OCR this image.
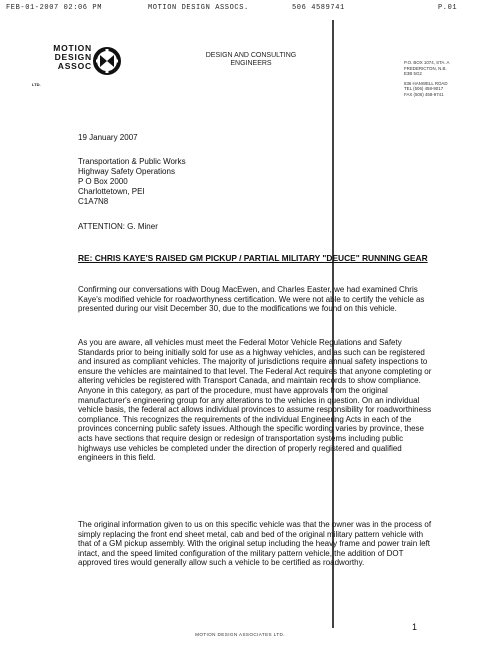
FEB-01-2007 02:06 PM	MOTION DESIGN ASSOCS.	506 4589741	P.01
MOTION
DESIGN
ASSOC
LTD.
DESIGN AND CONSULTING ENGINEERS	P.O. BOX 1074, STA. A
FREDERICTON, N.B.
E3B 5G2
836 HANWELL ROAD
TEL (506) 458-9017
FAX (506) 458-9741
19 January 2007
Transportation & Public Works
Highway Safety Operations
P O Box 2000
Charlottetown, PEI
C1A7N8
ATTENTION: G. Miner
RE: CHRIS KAYE'S RAISED GM PICKUP / PARTIAL MILITARY "DEUCE" RUNNING GEAR
Confirming our conversations with Doug MacEwen, and Charles Easter, we had examined Chris Kaye's modified vehicle for roadworthyness certification. We were not able to certify the vehicle as presented during our visit December 30, due to the modifications we found on this vehicle.
As you are aware, all vehicles must meet the Federal Motor Vehicle Regulations and Safety Standards prior to being initially sold for use as a highway vehicles, and as such can be registered and insured as compliant vehicles. The majority of jurisdictions require annual safety inspections to ensure the vehicles are maintained to that level. The Federal Act requires that anyone completing or altering vehicles be registered with Transport Canada, and maintain records to show compliance. Anyone in this category, as part of the procedure, must have approvals from the original manufacturer's engineering group for any alterations to the vehicles in question. On an individual vehicle basis, the federal act allows individual provinces to assume responsibility for roadworthiness compliance. This recognizes the requirements of the individual Engineering Acts in each of the provinces concerning public safety issues. Although the specific wording varies by province, these acts have sections that require design or redesign of transportation systems including public highways use vehicles be completed under the direction of properly registered and qualified engineers in this field.
The original information given to us on this specific vehicle was that the owner was in the process of simply replacing the front end sheet metal, cab and bed of the original military pattern vehicle with that of a GM pickup assembly. With the original setup including the heavy frame and power train left intact, and the speed limited configuration of the military pattern vehicle, the addition of DOT approved tires would generally allow such a vehicle to be certified as roadworthy.
1
MOTION DESIGN ASSOCIATES LTD.
